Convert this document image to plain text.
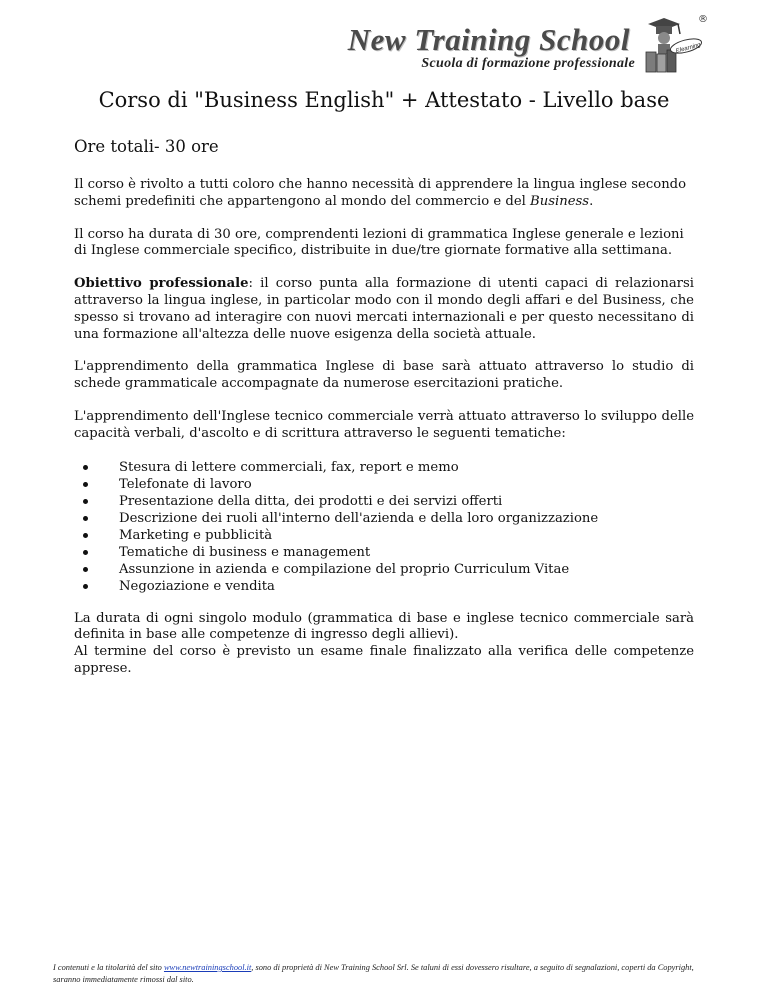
New Training School
Scuola di formazione professionale
Elearning
®
Corso di "Business English" + Attestato - Livello base
Ore totali- 30 ore

Il corso è rivolto a tutti coloro che hanno necessità di apprendere la lingua inglese secondo schemi predefiniti che appartengono al mondo del commercio e del Business.

Il corso ha durata di 30 ore, comprendenti lezioni di grammatica Inglese generale e lezioni di Inglese commerciale specifico, distribuite in due/tre giornate formative alla settimana.

Obiettivo professionale: il corso punta alla formazione di utenti capaci di relazionarsi attraverso la lingua inglese, in particolar modo con il mondo degli affari e del Business, che spesso si trovano ad interagire con nuovi mercati internazionali e per questo necessitano di una formazione all'altezza delle nuove esigenza della società attuale.

L'apprendimento della grammatica Inglese di base sarà attuato attraverso lo studio di schede grammaticale accompagnate da numerose esercitazioni pratiche.

L'apprendimento dell'Inglese tecnico commerciale verrà attuato attraverso lo sviluppo delle capacità verbali, d'ascolto e di scrittura attraverso le seguenti tematiche:

Stesura di lettere commerciali, fax, report e memo
Telefonate di lavoro
Presentazione della ditta, dei prodotti e dei servizi offerti
Descrizione dei ruoli all'interno dell'azienda e della loro organizzazione
Marketing e pubblicità
Tematiche di business e management
Assunzione in azienda e compilazione del proprio Curriculum Vitae
Negoziazione e vendita

La durata di ogni singolo modulo (grammatica di base e inglese tecnico commerciale sarà definita in base alle competenze di ingresso degli allievi).

Al termine del corso è previsto un esame finale finalizzato alla verifica delle competenze apprese.

I contenuti e la titolarità del sito www.newtrainingschool.it, sono di proprietà di New Training School Srl. Se taluni di essi dovessero risultare, a seguito di segnalazioni, coperti da Copyright, saranno immediatamente rimossi dal sito.
